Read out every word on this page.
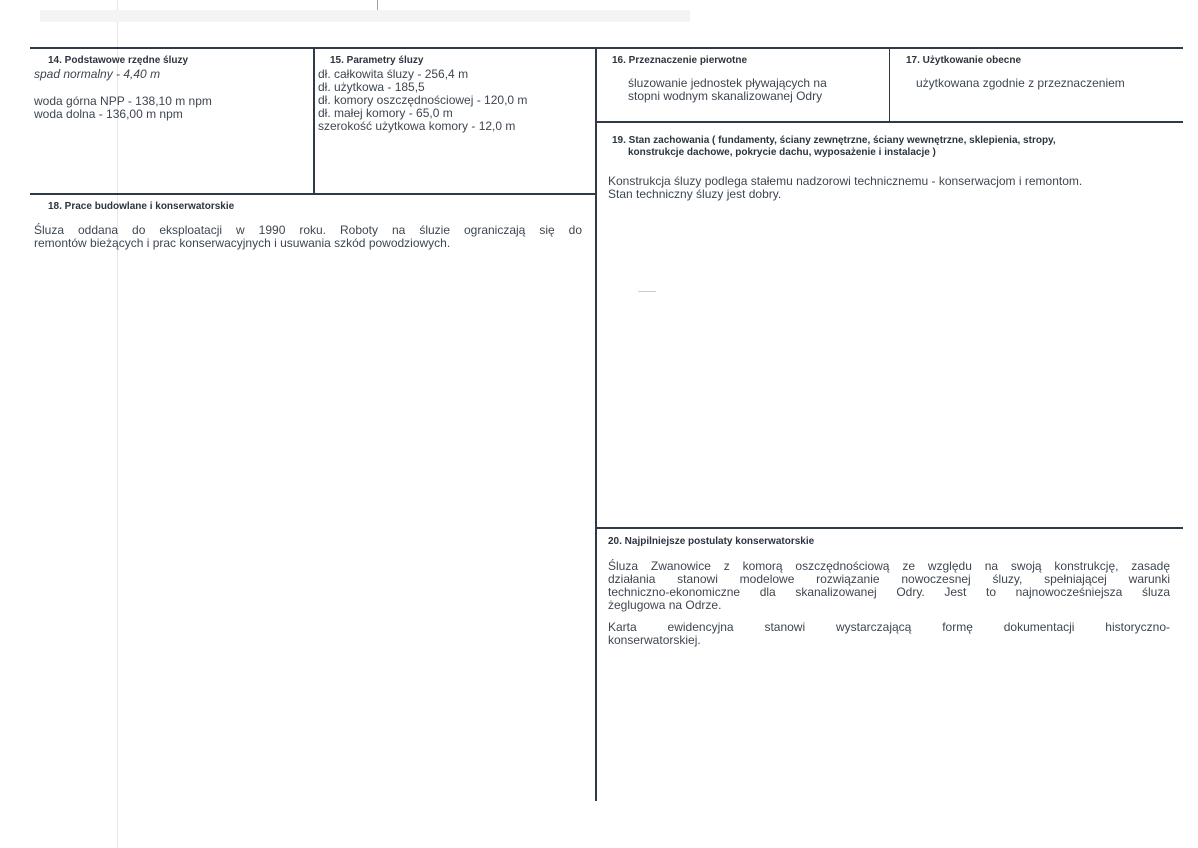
14. Podstawowe rzędne śluzy
spad normalny - 4,40 m
woda górna NPP - 138,10 m npm
woda dolna - 136,00 m npm
15. Parametry śluzy
dł. całkowita śluzy - 256,4 m
dł. użytkowa - 185,5
dł. komory oszczędnościowej - 120,0 m
dł. małej komory - 65,0 m
szerokość użytkowa komory - 12,0 m
16. Przeznaczenie pierwotne
śluzowanie jednostek pływających na
stopni wodnym skanalizowanej Odry
17. Użytkowanie obecne
użytkowana zgodnie z przeznaczeniem
18. Prace budowlane i konserwatorskie
Śluza oddana do eksploatacji w 1990 roku. Roboty na śluzie ograniczają się do
remontów bieżących i prac konserwacyjnych i usuwania szkód powodziowych.
19. Stan zachowania ( fundamenty, ściany zewnętrzne, ściany wewnętrzne, sklepienia, stropy,
konstrukcje dachowe, pokrycie dachu, wyposażenie i instalacje )
Konstrukcja śluzy podlega stałemu nadzorowi technicznemu - konserwacjom i remontom.
Stan techniczny śluzy jest dobry.
20. Najpilniejsze postulaty konserwatorskie
Śluza Zwanowice z komorą oszczędnościową ze względu na swoją konstrukcję, zasadę
działania stanowi modelowe rozwiązanie nowoczesnej śluzy, spełniającej warunki
techniczno-ekonomiczne dla skanalizowanej Odry. Jest to najnowocześniejsza śluza
żeglugowa na Odrze.
Karta ewidencyjna stanowi wystarczającą formę dokumentacji historyczno-
konserwatorskiej.
